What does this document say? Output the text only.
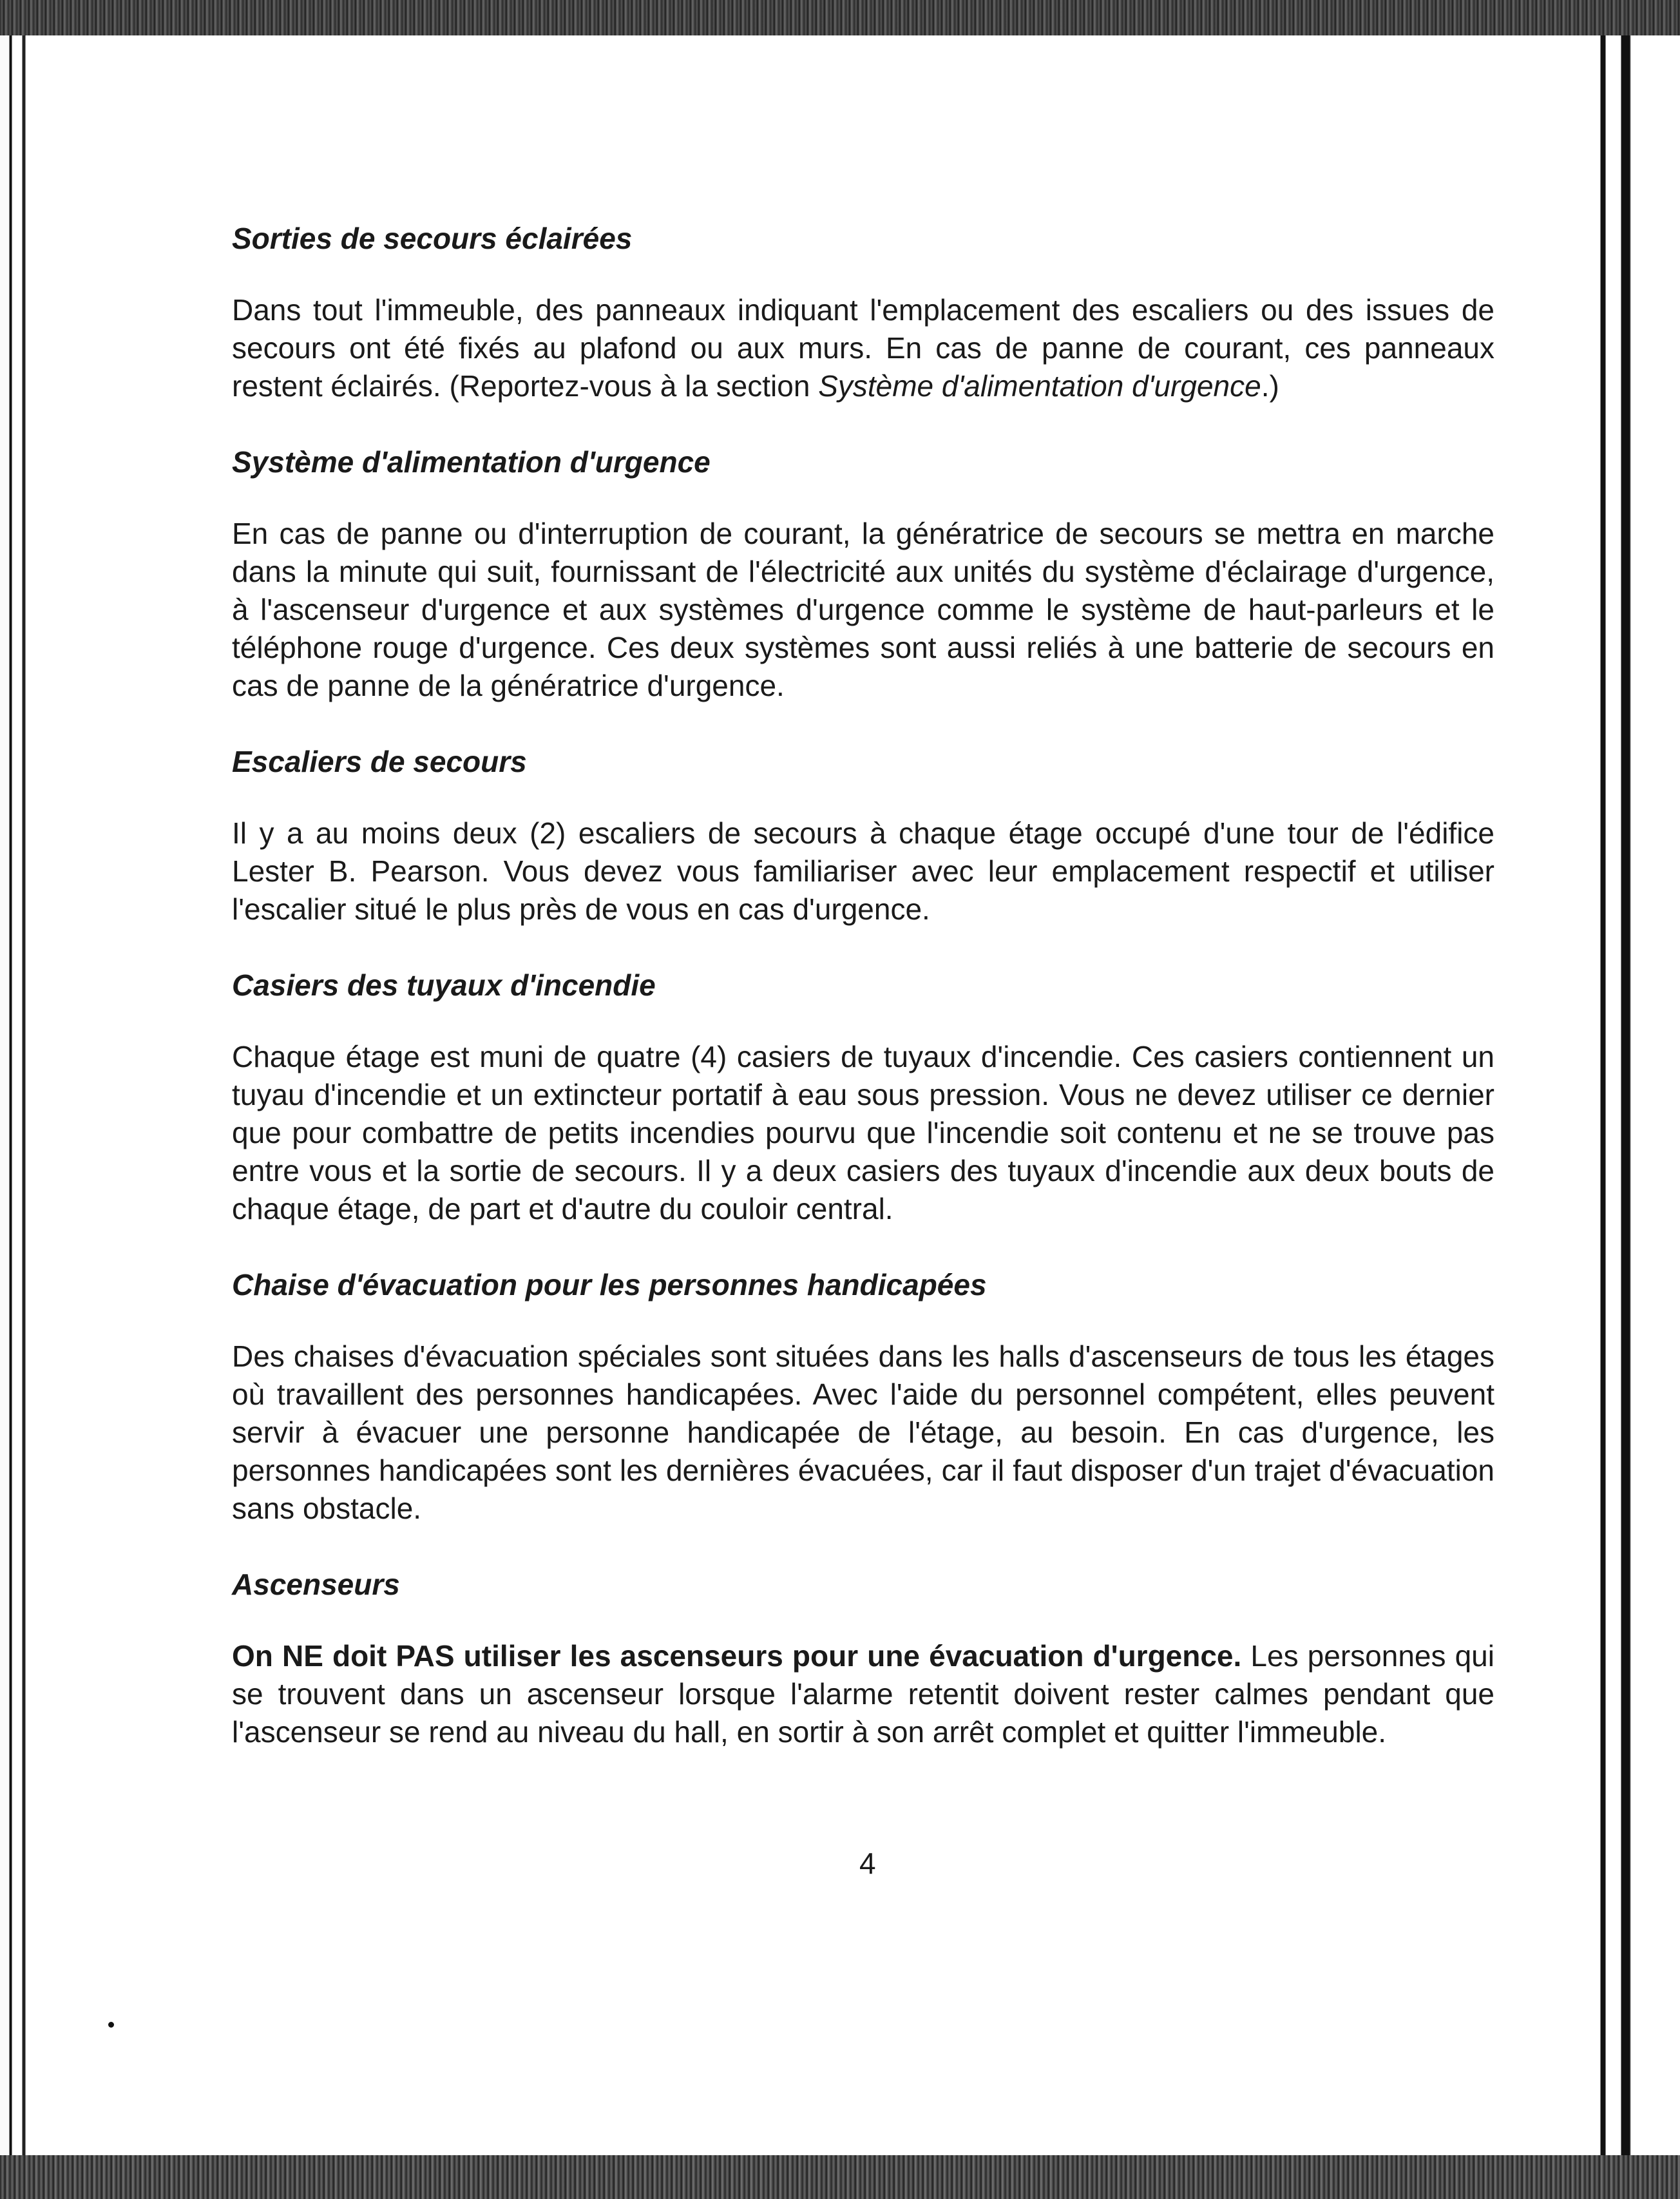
Sorties de secours éclairées

Dans tout l'immeuble, des panneaux indiquant l'emplacement des escaliers ou des issues de secours ont été fixés au plafond ou aux murs. En cas de panne de courant, ces panneaux restent éclairés. (Reportez-vous à la section Système d'alimentation d'urgence.)

Système d'alimentation d'urgence

En cas de panne ou d'interruption de courant, la génératrice de secours se mettra en marche dans la minute qui suit, fournissant de l'électricité aux unités du système d'éclairage d'urgence, à l'ascenseur d'urgence et aux systèmes d'urgence comme le système de haut-parleurs et le téléphone rouge d'urgence. Ces deux systèmes sont aussi reliés à une batterie de secours en cas de panne de la génératrice d'urgence.

Escaliers de secours

Il y a au moins deux (2) escaliers de secours à chaque étage occupé d'une tour de l'édifice Lester B. Pearson. Vous devez vous familiariser avec leur emplacement respectif et utiliser l'escalier situé le plus près de vous en cas d'urgence.

Casiers des tuyaux d'incendie

Chaque étage est muni de quatre (4) casiers de tuyaux d'incendie. Ces casiers contiennent un tuyau d'incendie et un extincteur portatif à eau sous pression. Vous ne devez utiliser ce dernier que pour combattre de petits incendies pourvu que l'incendie soit contenu et ne se trouve pas entre vous et la sortie de secours. Il y a deux casiers des tuyaux d'incendie aux deux bouts de chaque étage, de part et d'autre du couloir central.

Chaise d'évacuation pour les personnes handicapées

Des chaises d'évacuation spéciales sont situées dans les halls d'ascenseurs de tous les étages où travaillent des personnes handicapées. Avec l'aide du personnel compétent, elles peuvent servir à évacuer une personne handicapée de l'étage, au besoin. En cas d'urgence, les personnes handicapées sont les dernières évacuées, car il faut disposer d'un trajet d'évacuation sans obstacle.

Ascenseurs

On NE doit PAS utiliser les ascenseurs pour une évacuation d'urgence. Les personnes qui se trouvent dans un ascenseur lorsque l'alarme retentit doivent rester calmes pendant que l'ascenseur se rend au niveau du hall, en sortir à son arrêt complet et quitter l'immeuble.

4
